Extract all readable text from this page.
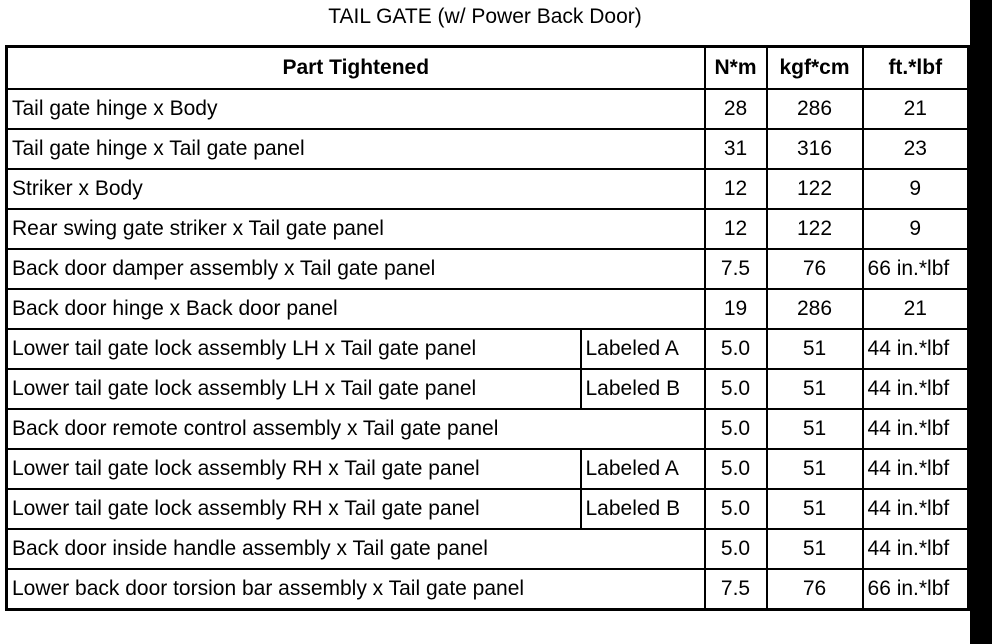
TAIL GATE (w/ Power Back Door)
Part Tightened		N*m	kgf*cm	ft.*lbf
Tail gate hinge x Body		28	286	21
Tail gate hinge x Tail gate panel		31	316	23
Striker x Body		12	122	9
Rear swing gate striker x Tail gate panel		12	122	9
Back door damper assembly x Tail gate panel		7.5	76	66 in.*lbf
Back door hinge x Back door panel		19	286	21
Lower tail gate lock assembly LH x Tail gate panel	Labeled A	5.0	51	44 in.*lbf
Lower tail gate lock assembly LH x Tail gate panel	Labeled B	5.0	51	44 in.*lbf
Back door remote control assembly x Tail gate panel		5.0	51	44 in.*lbf
Lower tail gate lock assembly RH x Tail gate panel	Labeled A	5.0	51	44 in.*lbf
Lower tail gate lock assembly RH x Tail gate panel	Labeled B	5.0	51	44 in.*lbf
Back door inside handle assembly x Tail gate panel		5.0	51	44 in.*lbf
Lower back door torsion bar assembly x Tail gate panel		7.5	76	66 in.*lbf
